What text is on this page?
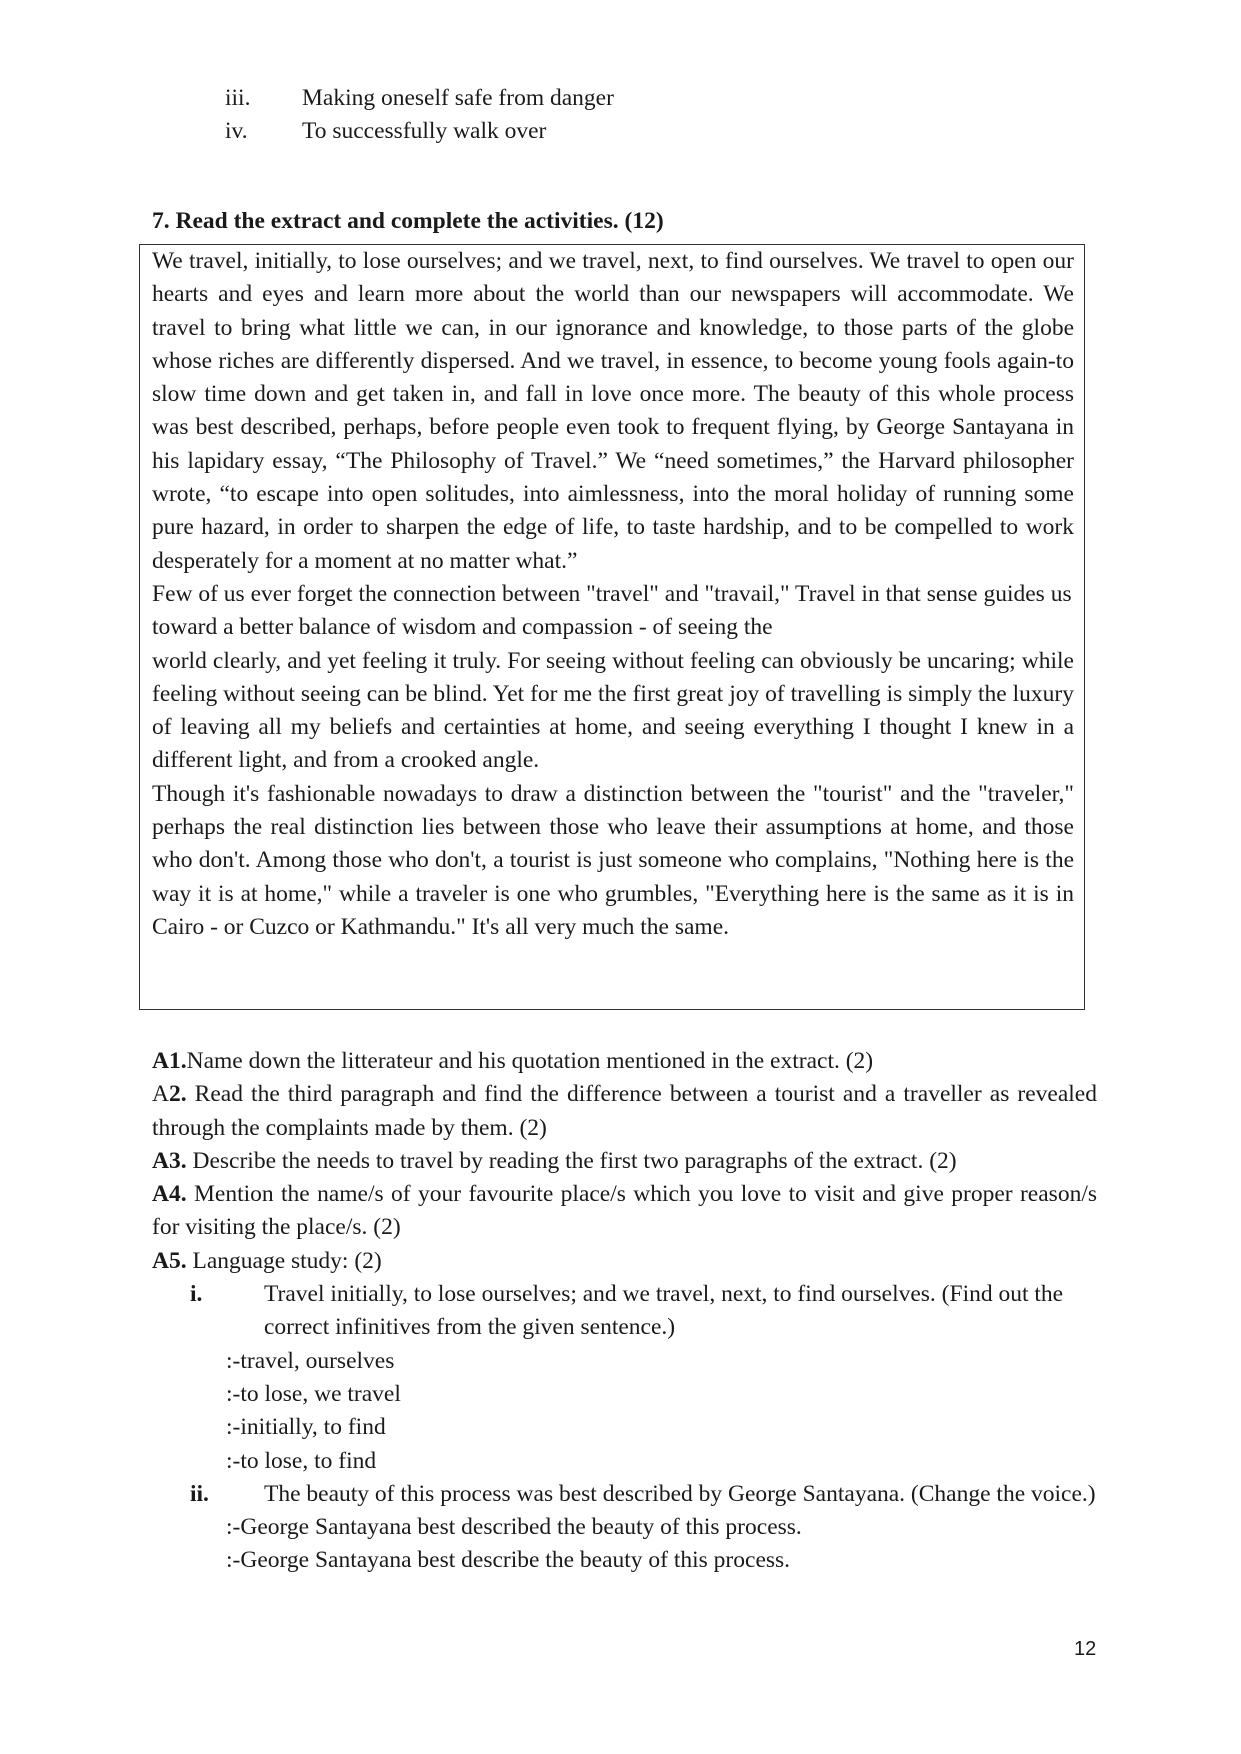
iii. Making oneself safe from danger
iv. To successfully walk over
7. Read the extract and complete the activities. (12)

We travel, initially, to lose ourselves; and we travel, next, to find ourselves. We travel to open our hearts and eyes and learn more about the world than our newspapers will accommodate. We travel to bring what little we can, in our ignorance and knowledge, to those parts of the globe whose riches are differently dispersed. And we travel, in essence, to become young fools again-to slow time down and get taken in, and fall in love once more. The beauty of this whole process was best described, perhaps, before people even took to frequent flying, by George Santayana in his lapidary essay, “The Philosophy of Travel.” We “need sometimes,” the Harvard philosopher wrote, “to escape into open solitudes, into aimlessness, into the moral holiday of running some pure hazard, in order to sharpen the edge of life, to taste hardship, and to be compelled to work desperately for a moment at no matter what.”

Few of us ever forget the connection between "travel" and "travail," Travel in that sense guides us toward a better balance of wisdom and compassion - of seeing the

world clearly, and yet feeling it truly. For seeing without feeling can obviously be uncaring; while feeling without seeing can be blind. Yet for me the first great joy of travelling is simply the luxury of leaving all my beliefs and certainties at home, and seeing everything I thought I knew in a different light, and from a crooked angle.

Though it's fashionable nowadays to draw a distinction between the "tourist" and the "traveler," perhaps the real distinction lies between those who leave their assumptions at home, and those who don't. Among those who don't, a tourist is just someone who complains, "Nothing here is the way it is at home," while a traveler is one who grumbles, "Everything here is the same as it is in Cairo - or Cuzco or Kathmandu." It's all very much the same.

A1.Name down the litterateur and his quotation mentioned in the extract. (2)

A2. Read the third paragraph and find the difference between a tourist and a traveller as revealed through the complaints made by them. (2)

A3. Describe the needs to travel by reading the first two paragraphs of the extract. (2)

A4. Mention the name/s of your favourite place/s which you love to visit and give proper reason/s for visiting the place/s. (2)

A5. Language study: (2)

i.	Travel initially, to lose ourselves; and we travel, next, to find ourselves. (Find out the correct infinitives from the given sentence.)

:-travel, ourselves

:-to lose, we travel

:-initially, to find

:-to lose, to find

ii. The beauty of this process was best described by George Santayana. (Change the voice.)

:-George Santayana best described the beauty of this process.

:-George Santayana best describe the beauty of this process.

12
